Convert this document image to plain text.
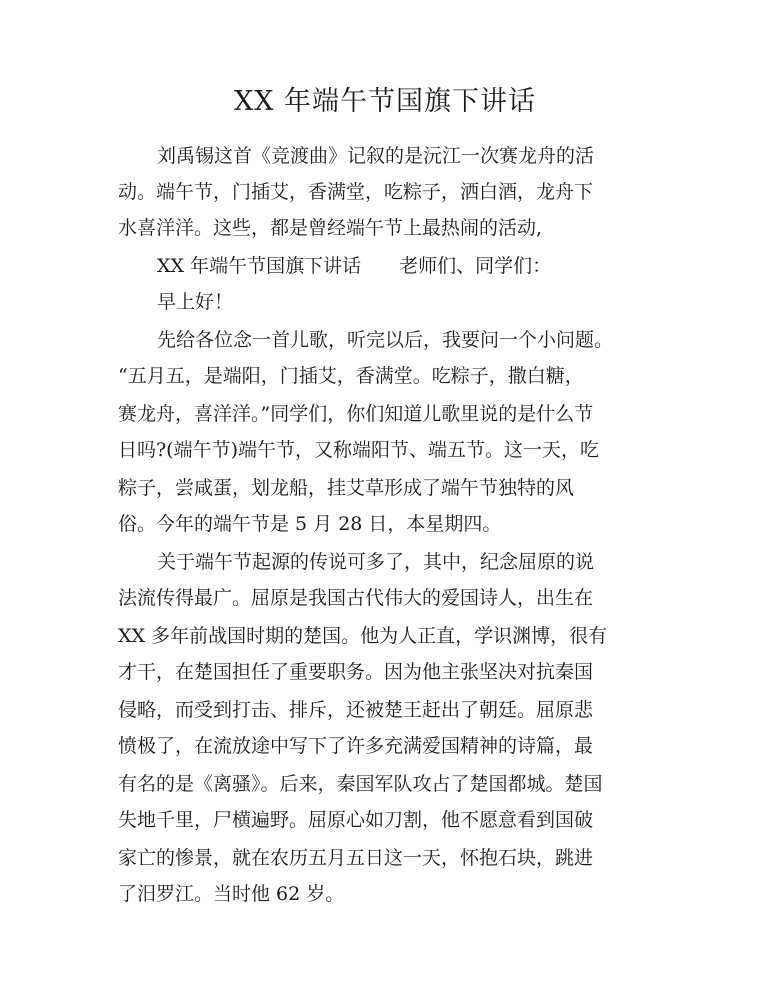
XX 年端午节国旗下讲话

刘禹锡这首《竞渡曲》记叙的是沅江一次赛龙舟的活

动。端午节，门插艾，香满堂，吃粽子，洒白酒，龙舟下

水喜洋洋。这些，都是曾经端午节上最热闹的活动,

XX 年端午节国旗下讲话　　老师们、同学们：

早上好！

先给各位念一首儿歌，听完以后，我要问一个小问题。

“五月五，是端阳，门插艾，香满堂。吃粽子，撒白糖，

赛龙舟，喜洋洋。”同学们，你们知道儿歌里说的是什么节

日吗?(端午节)端午节，又称端阳节、端五节。这一天，吃

粽子，尝咸蛋，划龙船，挂艾草形成了端午节独特的风

俗。今年的端午节是 5 月 28 日，本星期四。

关于端午节起源的传说可多了，其中，纪念屈原的说

法流传得最广。屈原是我国古代伟大的爱国诗人，出生在

XX 多年前战国时期的楚国。他为人正直，学识渊博，很有

才干，在楚国担任了重要职务。因为他主张坚决对抗秦国

侵略，而受到打击、排斥，还被楚王赶出了朝廷。屈原悲

愤极了，在流放途中写下了许多充满爱国精神的诗篇，最

有名的是《离骚》。后来，秦国军队攻占了楚国都城。楚国

失地千里，尸横遍野。屈原心如刀割，他不愿意看到国破

家亡的惨景，就在农历五月五日这一天，怀抱石块，跳进

了汨罗江。当时他 62 岁。
